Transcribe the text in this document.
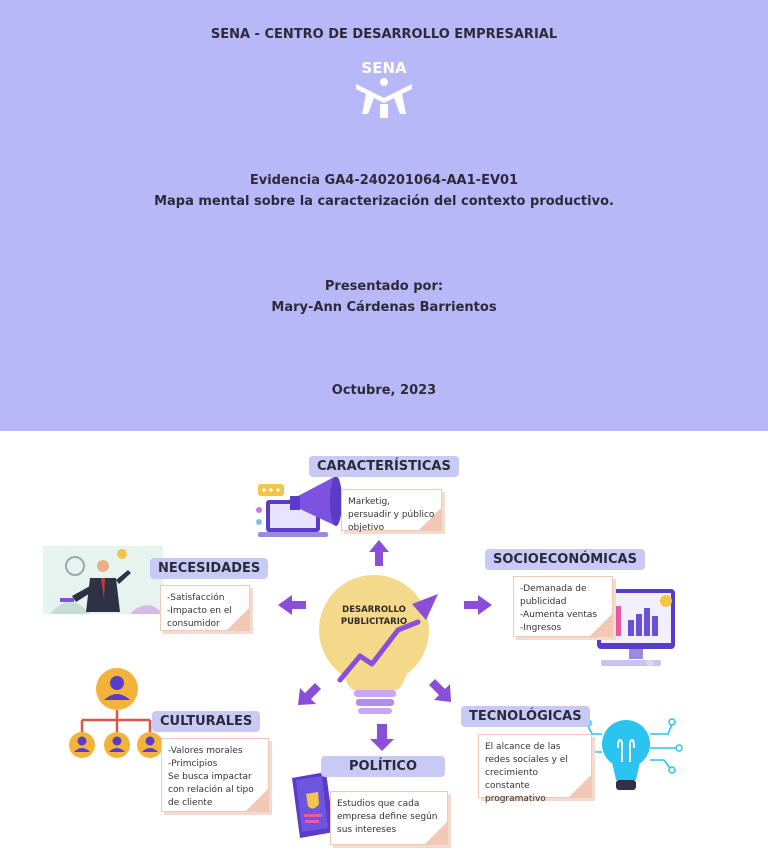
SENA - CENTRO DE DESARROLLO EMPRESARIAL
SENA
Evidencia GA4-240201064-AA1-EV01
Mapa mental sobre la caracterización del contexto productivo.
Presentado por:
Mary-Ann Cárdenas Barrientos
Octubre, 2023
DESARROLLO
PUBLICITARIO
CARACTERÍSTICAS

Marketig,

persuadir y público

objetivo

NECESIDADES

-Satisfacción

-Impacto en el

consumidor

SOCIOECONÓMICAS

-Demanada de

publicidad

-Aumenta ventas

-Ingresos

CULTURALES

-Valores morales

-Primcipios

Se busca impactar

con relación al tipo

de cliente

TECNOLÓGICAS

El alcance de las

redes sociales y el

crecimiento constante

programativo

POLÍTICO

Estudios que cada

empresa define según

sus intereses
